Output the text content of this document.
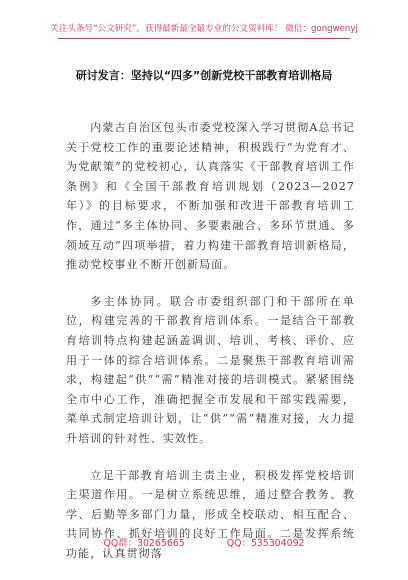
关注头条号“公文研究”，获得最新最全最专业的公文资料库！ 微信：gongwenyj
研讨发言：坚持以“四多”创新党校干部教育培训格局

内蒙古自治区包头市委党校深入学习贯彻A总书记关于党校工作的重要论述精神，积极践行“为党育才、为党献策”的党校初心，认真落实《干部教育培训工作条例》和《全国干部教育培训规划（2023—2027年）》的目标要求，不断加强和改进干部教育培训工作，通过“多主体协同、多要素融合、多环节贯通、多领域互动”四项举措，着力构建干部教育培训新格局，推动党校事业不断开创新局面。

多主体协同。联合市委组织部门和干部所在单位，构建完善的干部教育培训体系。一是结合干部教育培训特点构建起涵盖调训、培训、考核、评价、应用于一体的综合培训体系。二是聚焦干部教育培训需求，构建起“供”“需”精准对接的培训模式。紧紧围绕全市中心工作，准确把握全市发展和干部实践需要，菜单式制定培训计划，让“供”“需”精准对接，大力提升培训的针对性、实效性。

立足干部教育培训主责主业，积极发挥党校培训主渠道作用。一是树立系统思维，通过整合教务、教学、后勤等多部门力量，形成全校联动、相互配合、共同协作、抓好培训的良好工作局面。二是发挥系统功能，认真贯彻落

QQ群：30265665	QQ：535304092
